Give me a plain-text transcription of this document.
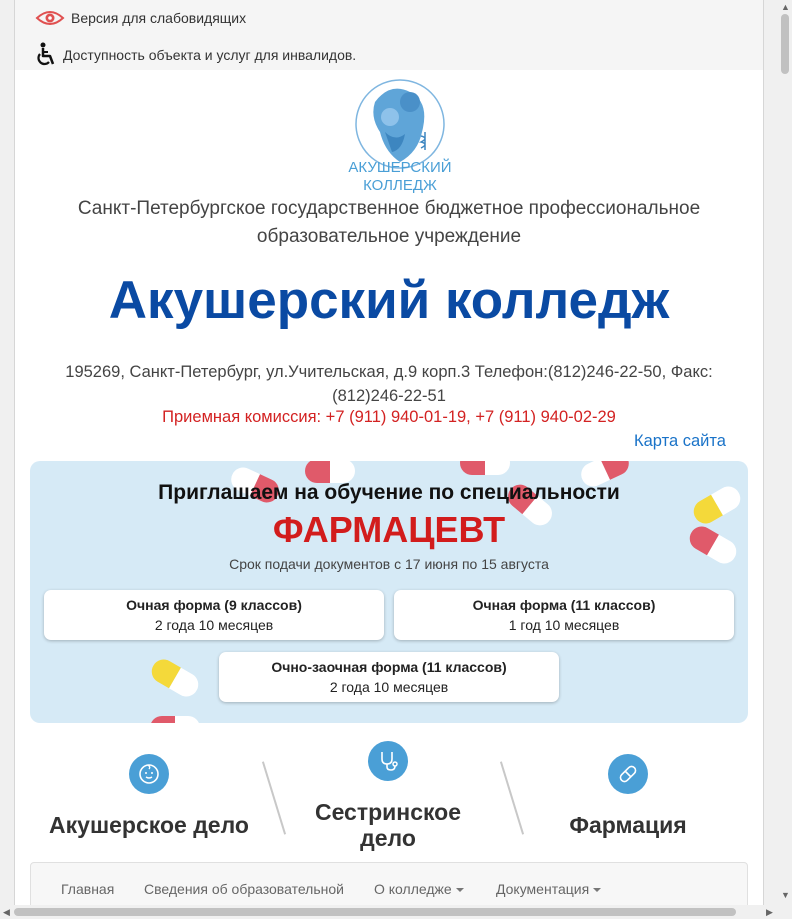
Версия для слабовидящих
Доступность объекта и услуг для инвалидов.
АКУШЕРСКИЙ
КОЛЛЕДЖ
Санкт-Петербургское государственное бюджетное профессиональное
образовательное учреждение
Акушерский колледж
195269, Санкт-Петербург, ул.Учительская, д.9 корп.3 Телефон:(812)246-22-50, Факс:
(812)246-22-51
Приемная комиссия: +7 (911) 940-01-19, +7 (911) 940-02-29
Карта сайта
Приглашаем на обучение по специальности
ФАРМАЦЕВТ
Срок подачи документов с 17 июня по 15 августа
Очная форма (9 классов)
2 года 10 месяцев
Очная форма (11 классов)
1 год 10 месяцев
Очно-заочная форма (11 классов)
2 года 10 месяцев
Акушерское дело	Сестринское
дело	Фармация
Главная Сведения об образовательной О колледже	Документация
▲
▼
◀	▶
